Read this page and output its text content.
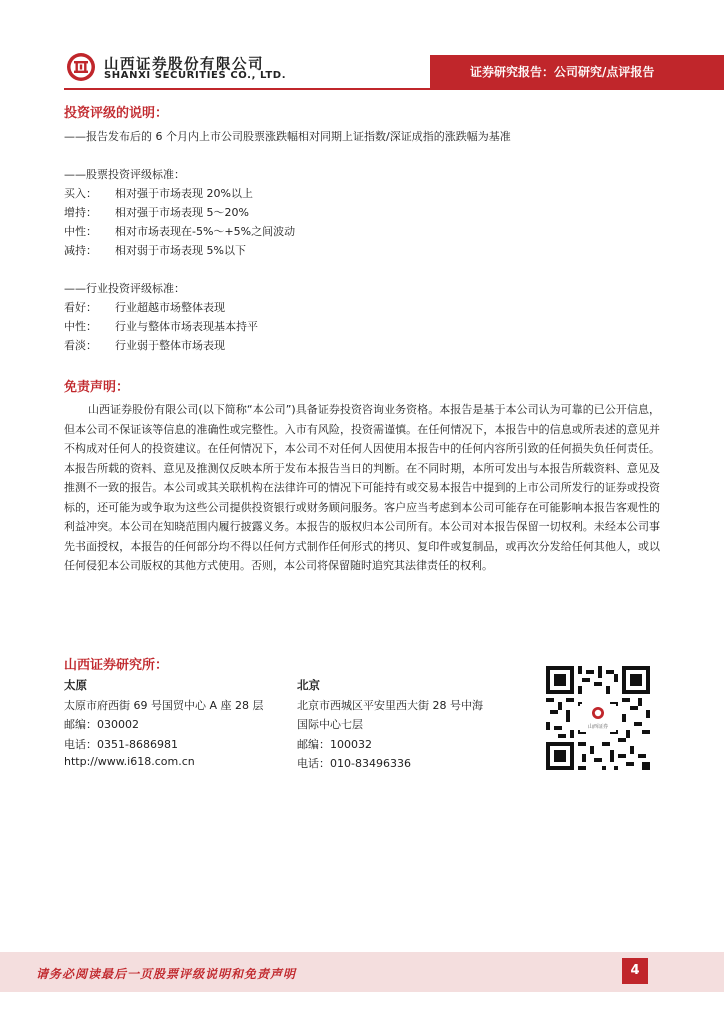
山西证券股份有限公司
SHANXI SECURITIES CO., LTD.	证券研究报告：公司研究/点评报告
投资评级的说明：
——报告发布后的 6 个月内上市公司股票涨跌幅相对同期上证指数/深证成指的涨跌幅为基准
——股票投资评级标准：
买入： 相对强于市场表现 20%以上
增持： 相对强于市场表现 5～20%
中性： 相对市场表现在-5%～+5%之间波动
减持： 相对弱于市场表现 5%以下
——行业投资评级标准：
看好： 行业超越市场整体表现
中性： 行业与整体市场表现基本持平
看淡： 行业弱于整体市场表现
免责声明：
山西证券股份有限公司(以下简称“本公司”)具备证券投资咨询业务资格。本报告是基于本公司认为可靠的已公开信息，但本公司不保证该等信息的准确性或完整性。入市有风险，投资需谨慎。在任何情况下，本报告中的信息或所表述的意见并不构成对任何人的投资建议。在任何情况下，本公司不对任何人因使用本报告中的任何内容所引致的任何损失负任何责任。本报告所载的资料、意见及推测仅反映本所于发布本报告当日的判断。在不同时期，本所可发出与本报告所载资料、意见及推测不一致的报告。本公司或其关联机构在法律许可的情况下可能持有或交易本报告中提到的上市公司所发行的证券或投资标的，还可能为或争取为这些公司提供投资银行或财务顾问服务。客户应当考虑到本公司可能存在可能影响本报告客观性的利益冲突。本公司在知晓范围内履行披露义务。本报告的版权归本公司所有。本公司对本报告保留一切权利。未经本公司事先书面授权，本报告的任何部分均不得以任何方式制作任何形式的拷贝、复印件或复制品，或再次分发给任何其他人，或以任何侵犯本公司版权的其他方式使用。否则，本公司将保留随时追究其法律责任的权利。
山西证券研究所：
太原
太原市府西街 69 号国贸中心 A 座 28 层
邮编：030002
电话：0351-8686981
http://www.i618.com.cn
北京
北京市西城区平安里西大街 28 号中海
国际中心七层
邮编：100032
电话：010-83496336
山西证券
请务必阅读最后一页股票评级说明和免责声明	4
